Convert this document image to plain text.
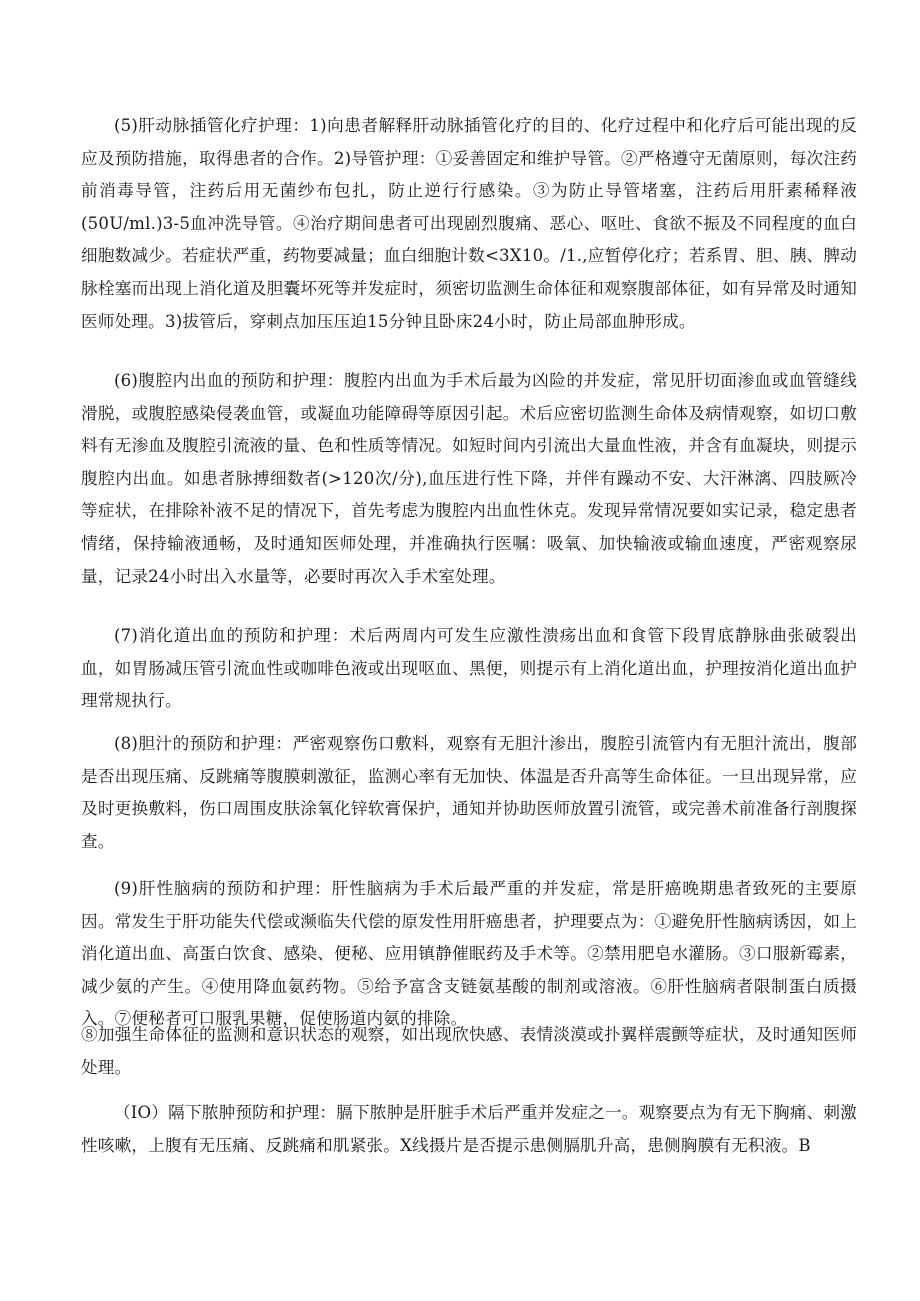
(5)肝动脉插管化疗护理：1)向患者解释肝动脉插管化疗的目的、化疗过程中和化疗后可能出现的反应及预防措施，取得患者的合作。2)导管护理：①妥善固定和维护导管。②严格遵守无菌原则，每次注药前消毒导管，注药后用无菌纱布包扎，防止逆行行感染。③为防止导管堵塞，注药后用肝素稀释液(50U/ml.)3-5血冲洗导管。④治疗期间患者可出现剧烈腹痛、恶心、呕吐、食欲不振及不同程度的血白细胞数减少。若症状严重，药物要减量；血白细胞计数<3X10。/1.,应暂停化疗；若系胃、胆、胰、脾动脉栓塞而出现上消化道及胆囊坏死等并发症时，须密切监测生命体征和观察腹部体征，如有异常及时通知医师处理。3)拔管后，穿刺点加压压迫15分钟且卧床24小时，防止局部血肿形成。

(6)腹腔内出血的预防和护理：腹腔内出血为手术后最为凶险的并发症，常见肝切面渗血或血管缝线滑脱，或腹腔感染侵袭血管，或凝血功能障碍等原因引起。术后应密切监测生命体及病情观察，如切口敷料有无渗血及腹腔引流液的量、色和性质等情况。如短时间内引流出大量血性液，并含有血凝块，则提示腹腔内出血。如患者脉搏细数者(>120次/分),血压进行性下降，并伴有躁动不安、大汗淋漓、四肢厥冷等症状，在排除补液不足的情况下，首先考虑为腹腔内出血性休克。发现异常情况要如实记录，稳定患者情绪，保持输液通畅，及时通知医师处理，并准确执行医嘱：吸氧、加快输液或输血速度，严密观察尿量，记录24小时出入水量等，必要时再次入手术室处理。

(7)消化道出血的预防和护理：术后两周内可发生应激性溃疡出血和食管下段胃底静脉曲张破裂出血，如胃肠减压管引流血性或咖啡色液或出现呕血、黑便，则提示有上消化道出血，护理按消化道出血护理常规执行。

(8)胆汁的预防和护理：严密观察伤口敷料，观察有无胆汁渗出，腹腔引流管内有无胆汁流出，腹部是否出现压痛、反跳痛等腹膜刺激征，监测心率有无加快、体温是否升高等生命体征。一旦出现异常，应及时更换敷料，伤口周围皮肤涂氧化锌软膏保护，通知并协助医师放置引流管，或完善术前准备行剖腹探查。

(9)肝性脑病的预防和护理：肝性脑病为手术后最严重的并发症，常是肝癌晚期患者致死的主要原因。常发生于肝功能失代偿或濒临失代偿的原发性用肝癌患者，护理要点为：①避免肝性脑病诱因，如上消化道出血、高蛋白饮食、感染、便秘、应用镇静催眠药及手术等。②禁用肥皂水灌肠。③口服新霉素，减少氨的产生。④使用降血氨药物。⑤给予富含支链氨基酸的制剂或溶液。⑥肝性脑病者限制蛋白质摄入。⑦便秘者可口服乳果糖，促使肠道内氨的排除。

⑧加强生命体征的监测和意识状态的观察，如出现欣快感、表情淡漠或扑翼样震颤等症状，及时通知医师处理。

（IO）隔下脓肿预防和护理：膈下脓肿是肝脏手术后严重并发症之一。观察要点为有无下胸痛、刺激性咳嗽，上腹有无压痛、反跳痛和肌紧张。X线摄片是否提示患侧膈肌升高，患侧胸膜有无积液。B
